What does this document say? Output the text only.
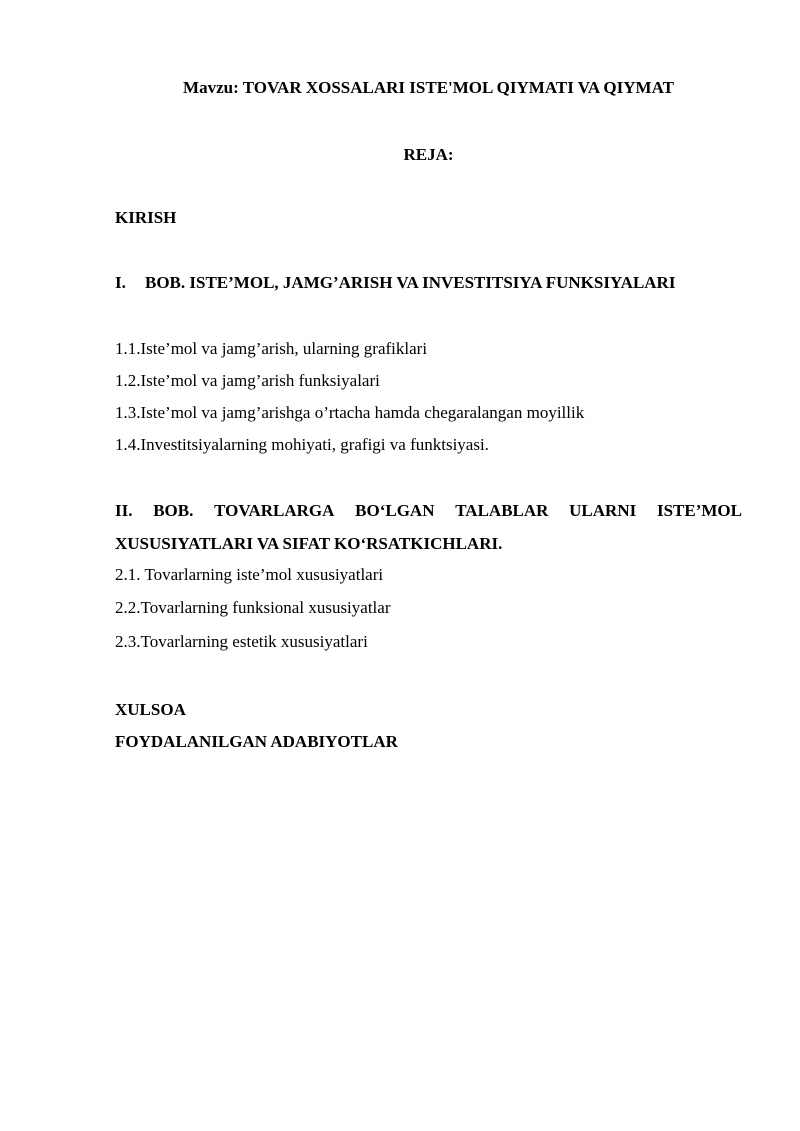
Mavzu: TOVAR XOSSALARI ISTE'MOL QIYMATI VA QIYMAT
REJA:
KIRISH
I. BOB. ISTE’MOL, JAMG’ARISH VA INVESTITSIYA FUNKSIYALARI
1.1.Iste’mol va jamg’arish, ularning grafiklari
1.2.Iste’mol va jamg’arish funksiyalari
1.3.Iste’mol va jamg’arishga o’rtacha hamda chegaralangan moyillik
1.4.Investitsiyalarning mohiyati, grafigi va funktsiyasi.
II. BOB. TOVARLARGA BO‘LGAN TALABLAR ULARNI ISTE’MOL
XUSUSIYATLARI VA SIFAT KO‘RSATKICHLARI.
2.1. Tovarlarning iste’mol xususiyatlari
2.2.Tovarlarning funksional xususiyatlar
2.3.Tovarlarning estetik xususiyatlari
XULSOA
FOYDALANILGAN ADABIYOTLAR
